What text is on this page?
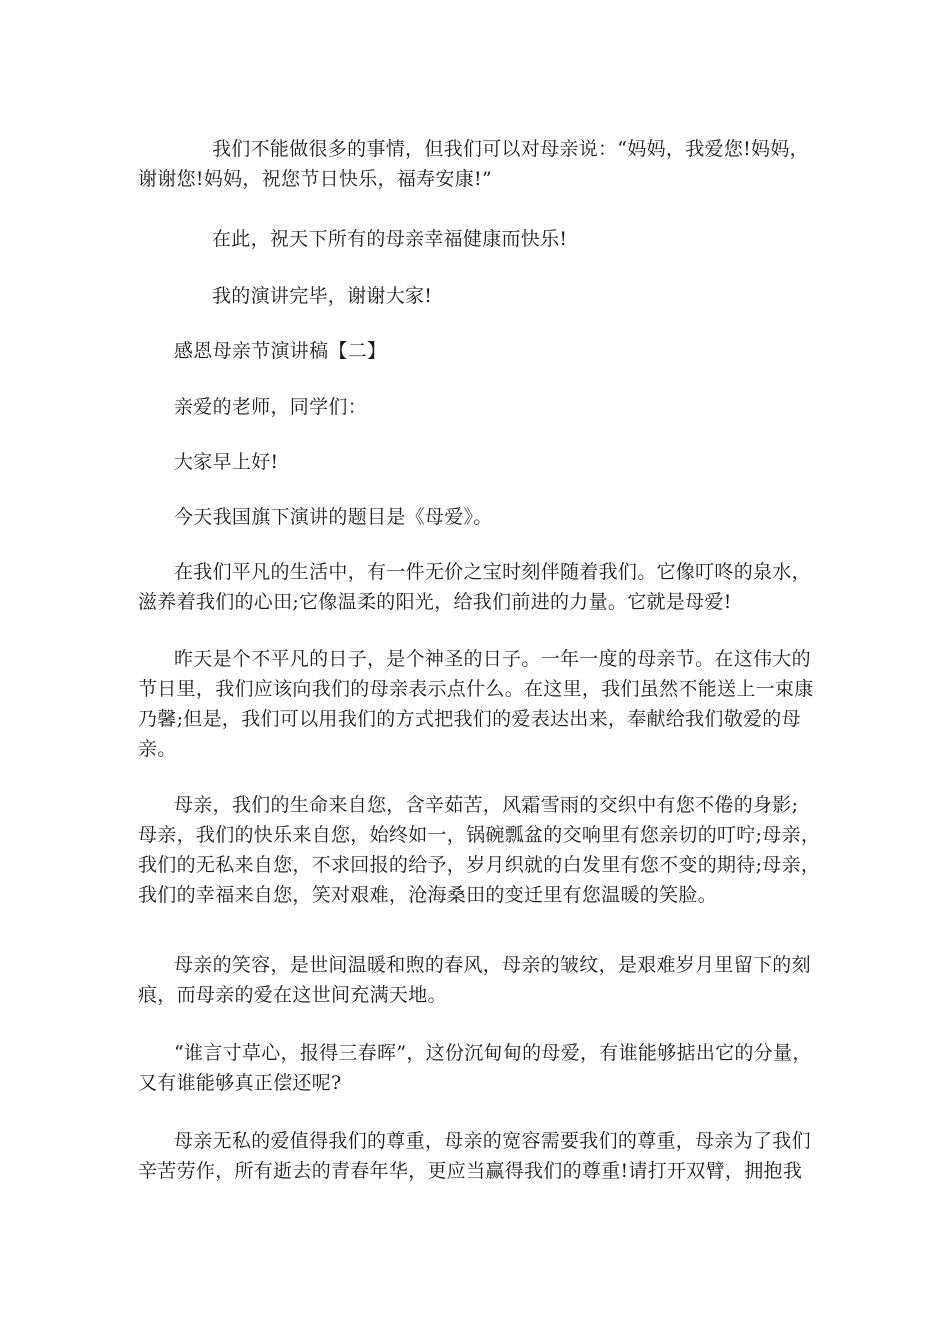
我们不能做很多的事情，但我们可以对母亲说：“妈妈，我爱您!妈妈，
谢谢您!妈妈，祝您节日快乐，福寿安康!”

在此，祝天下所有的母亲幸福健康而快乐!

我的演讲完毕，谢谢大家!

感恩母亲节演讲稿【二】

亲爱的老师，同学们：

大家早上好!

今天我国旗下演讲的题目是《母爱》。

在我们平凡的生活中，有一件无价之宝时刻伴随着我们。它像叮咚的泉水，
滋养着我们的心田;它像温柔的阳光，给我们前进的力量。它就是母爱!

昨天是个不平凡的日子，是个神圣的日子。一年一度的母亲节。在这伟大的
节日里，我们应该向我们的母亲表示点什么。在这里，我们虽然不能送上一束康
乃馨;但是，我们可以用我们的方式把我们的爱表达出来，奉献给我们敬爱的母
亲。

母亲，我们的生命来自您，含辛茹苦，风霜雪雨的交织中有您不倦的身影;
母亲，我们的快乐来自您，始终如一，锅碗瓢盆的交响里有您亲切的叮咛;母亲，
我们的无私来自您，不求回报的给予，岁月织就的白发里有您不变的期待;母亲，
我们的幸福来自您，笑对艰难，沧海桑田的变迁里有您温暖的笑脸。

母亲的笑容，是世间温暖和煦的春风，母亲的皱纹，是艰难岁月里留下的刻
痕，而母亲的爱在这世间充满天地。

“谁言寸草心，报得三春晖”，这份沉甸甸的母爱，有谁能够掂出它的分量，
又有谁能够真正偿还呢?

母亲无私的爱值得我们的尊重，母亲的宽容需要我们的尊重，母亲为了我们
辛苦劳作，所有逝去的青春年华，更应当赢得我们的尊重!请打开双臂，拥抱我
